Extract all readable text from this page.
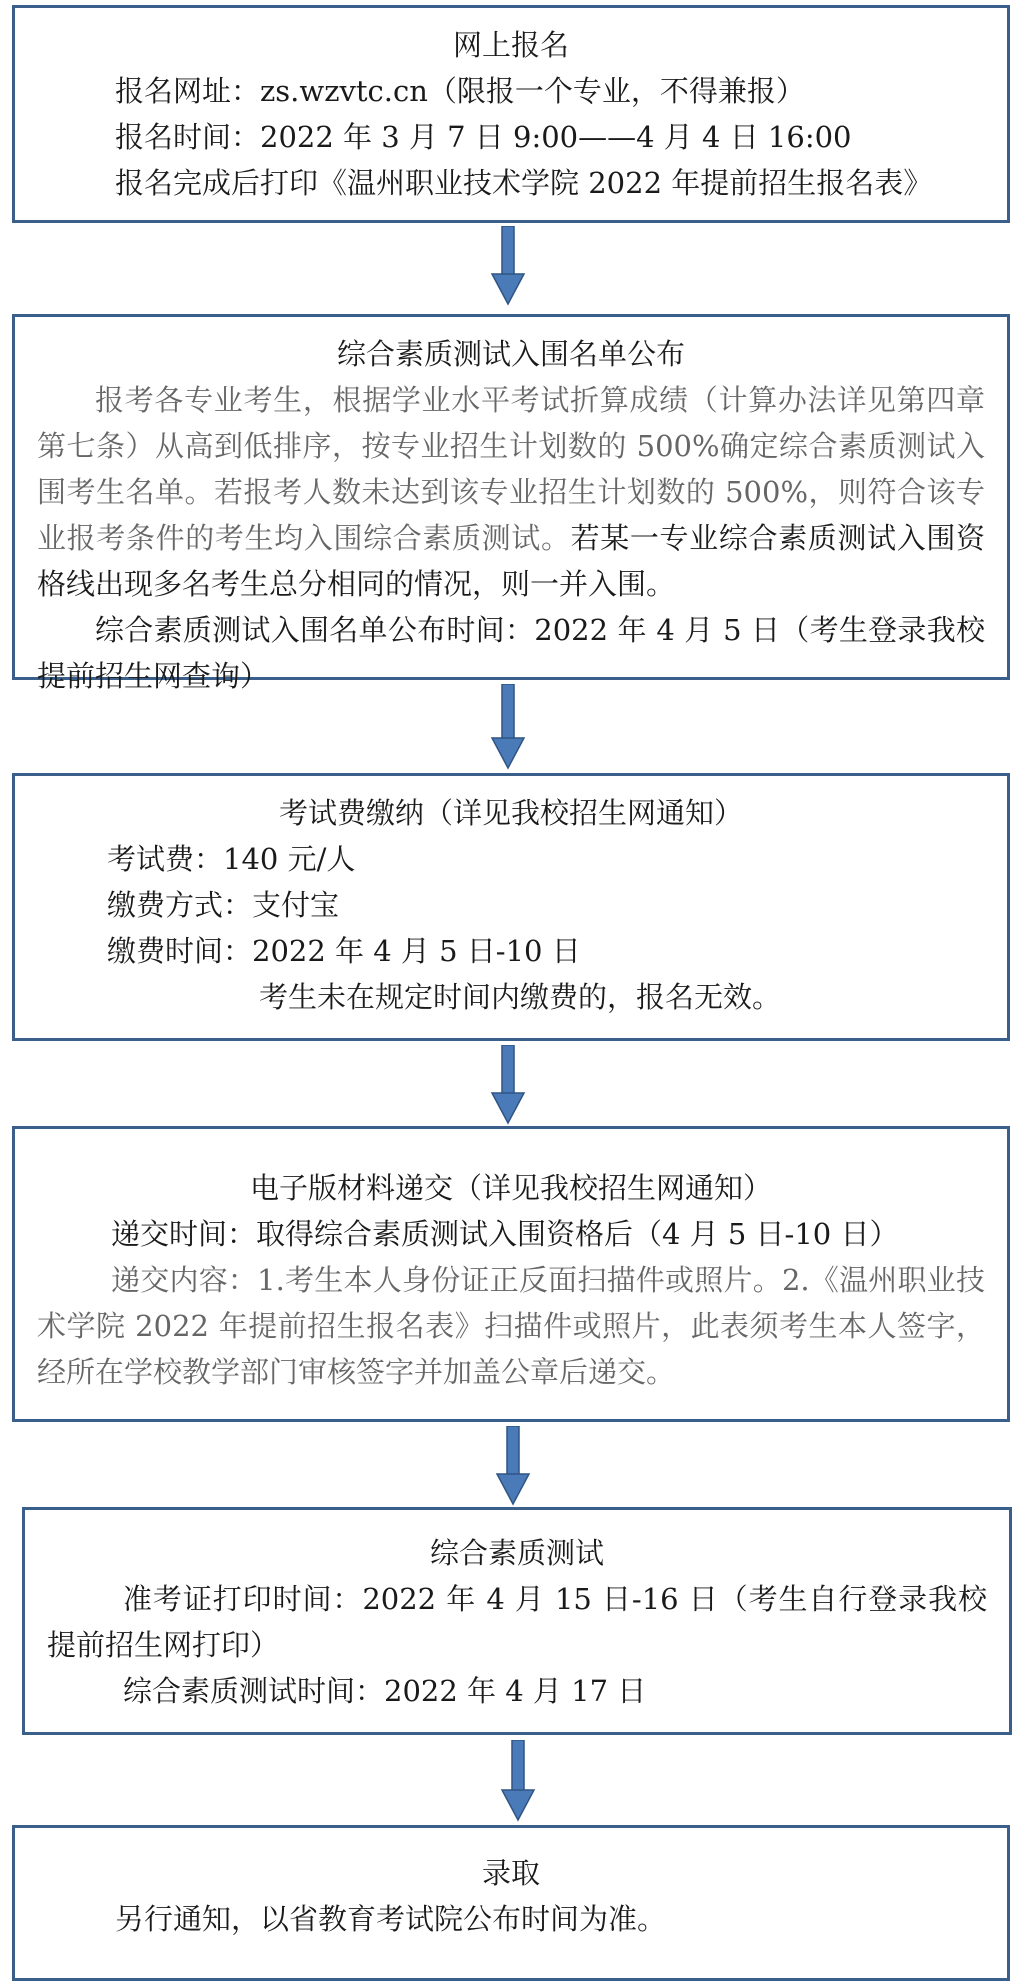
网上报名

报名网址：zs.wzvtc.cn（限报一个专业，不得兼报）

报名时间：2022 年 3 月 7 日 9:00——4 月 4 日 16:00

报名完成后打印《温州职业技术学院 2022 年提前招生报名表》

综合素质测试入围名单公布

报考各专业考生，根据学业水平考试折算成绩（计算办法详见第四章第七条）从高到低排序，按专业招生计划数的 500%确定综合素质测试入围考生名单。若报考人数未达到该专业招生计划数的 500%，则符合该专业报考条件的考生均入围综合素质测试。若某一专业综合素质测试入围资格线出现多名考生总分相同的情况，则一并入围。

综合素质测试入围名单公布时间：2022 年 4 月 5 日（考生登录我校提前招生网查询）

考试费缴纳（详见我校招生网通知）

考试费：140 元/人

缴费方式：支付宝

缴费时间：2022 年 4 月 5 日-10 日

考生未在规定时间内缴费的，报名无效。

电子版材料递交（详见我校招生网通知）

递交时间：取得综合素质测试入围资格后（4 月 5 日-10 日）

递交内容：1.考生本人身份证正反面扫描件或照片。2.《温州职业技术学院 2022 年提前招生报名表》扫描件或照片，此表须考生本人签字，经所在学校教学部门审核签字并加盖公章后递交。

综合素质测试

准考证打印时间：2022 年 4 月 15 日-16 日（考生自行登录我校提前招生网打印）

综合素质测试时间：2022 年 4 月 17 日

录取

另行通知，以省教育考试院公布时间为准。
